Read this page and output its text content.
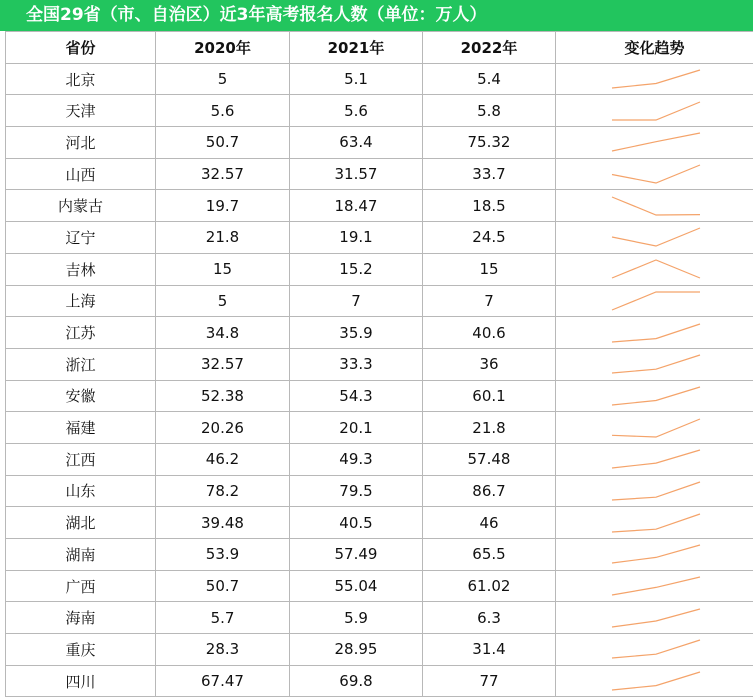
全国29省（市、自治区）近3年高考报名人数（单位：万人）
省份	2020年	2021年	2022年	变化趋势
北京	5	5.1	5.4	

天津	5.6	5.6	5.8	

河北	50.7	63.4	75.32	

山西	32.57	31.57	33.7	

内蒙古	19.7	18.47	18.5	

辽宁	21.8	19.1	24.5	

吉林	15	15.2	15	

上海	5	7	7	

江苏	34.8	35.9	40.6	

浙江	32.57	33.3	36	

安徽	52.38	54.3	60.1	

福建	20.26	20.1	21.8	

江西	46.2	49.3	57.48	

山东	78.2	79.5	86.7	

湖北	39.48	40.5	46	

湖南	53.9	57.49	65.5	

广西	50.7	55.04	61.02	

海南	5.7	5.9	6.3	

重庆	28.3	28.95	31.4	

四川	67.47	69.8	77	
